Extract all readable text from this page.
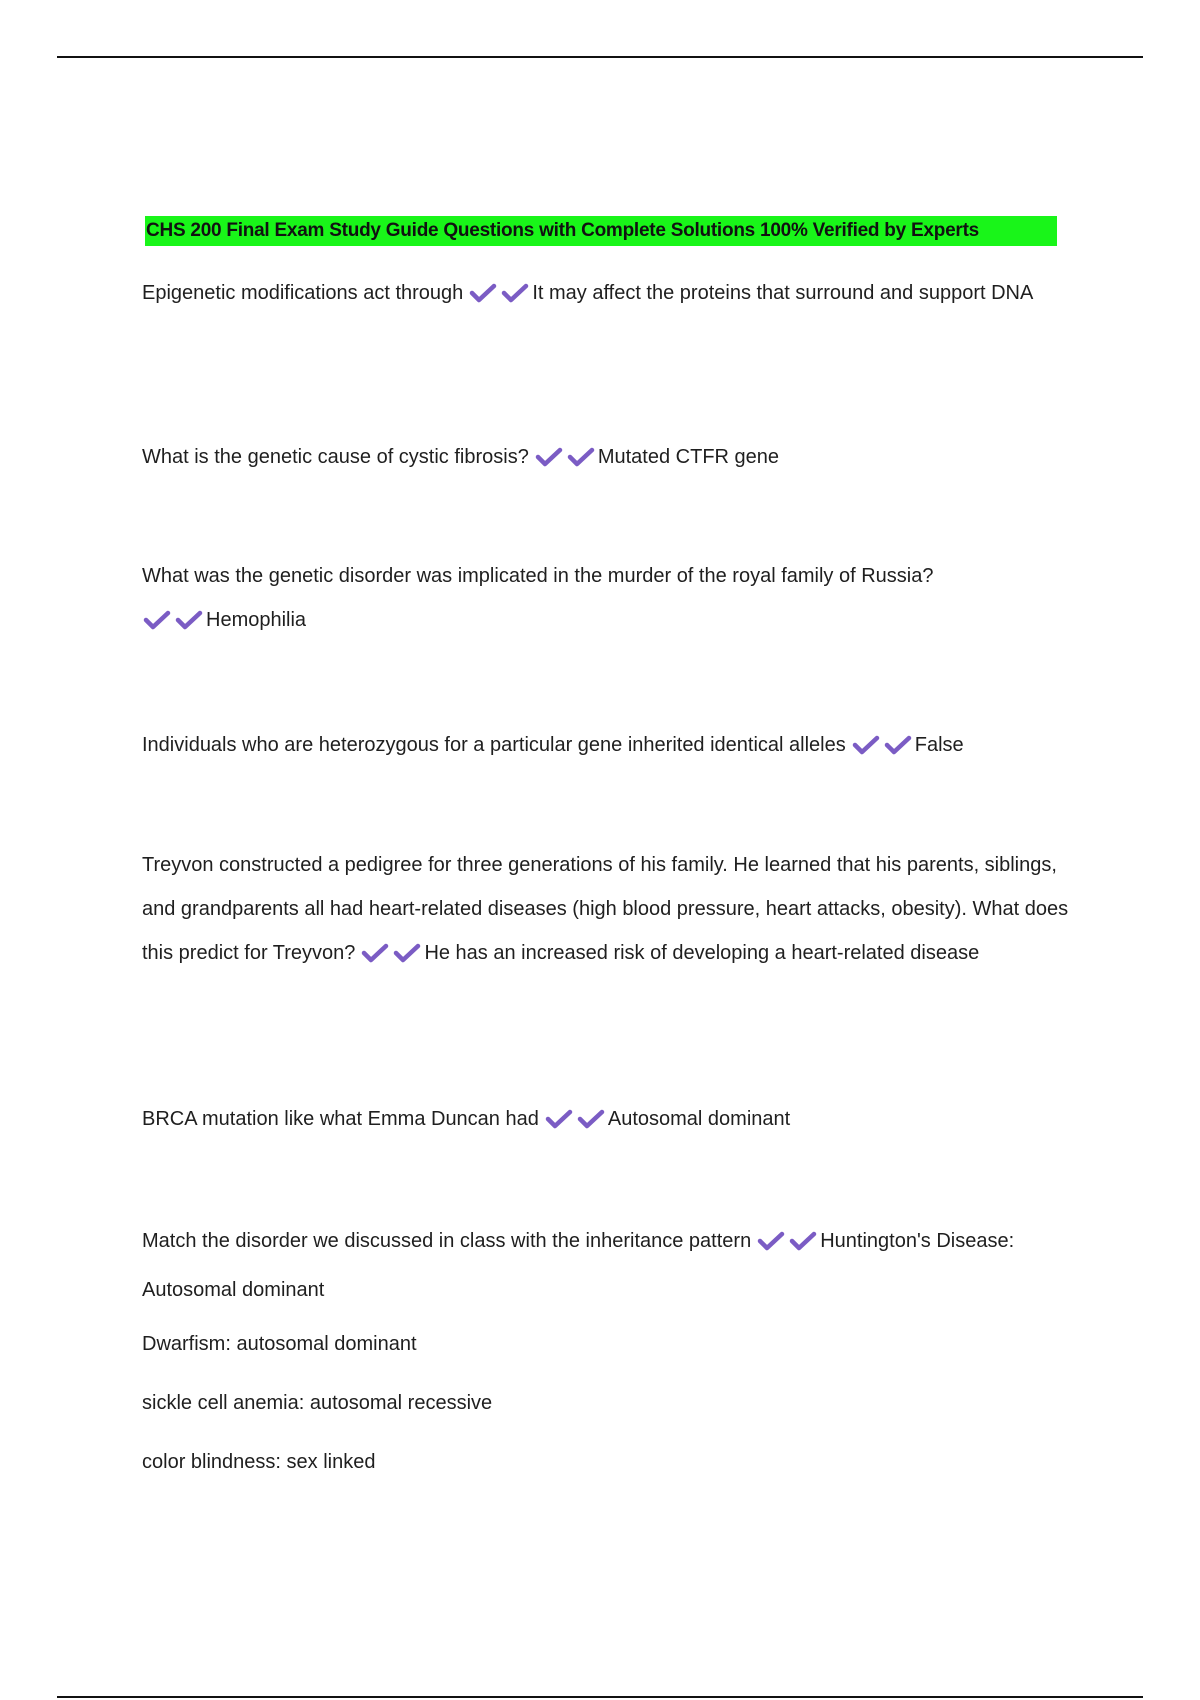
CHS 200 Final Exam Study Guide Questions with Complete Solutions 100% Verified by Experts
Epigenetic modifications act through	It may affect the proteins that surround and support DNA
What is the genetic cause of cystic fibrosis?	Mutated CTFR gene
What was the genetic disorder was implicated in the murder of the royal family of Russia?
Hemophilia
Individuals who are heterozygous for a particular gene inherited identical alleles	False
Treyvon constructed a pedigree for three generations of his family. He learned that his parents, siblings, and grandparents all had heart-related diseases (high blood pressure, heart attacks, obesity). What does this predict for Treyvon?	He has an increased risk of developing a heart-related disease
BRCA mutation like what Emma Duncan had	Autosomal dominant
Match the disorder we discussed in class with the inheritance pattern	Huntington's Disease: Autosomal dominant
Dwarfism: autosomal dominant
sickle cell anemia: autosomal recessive
color blindness: sex linked
